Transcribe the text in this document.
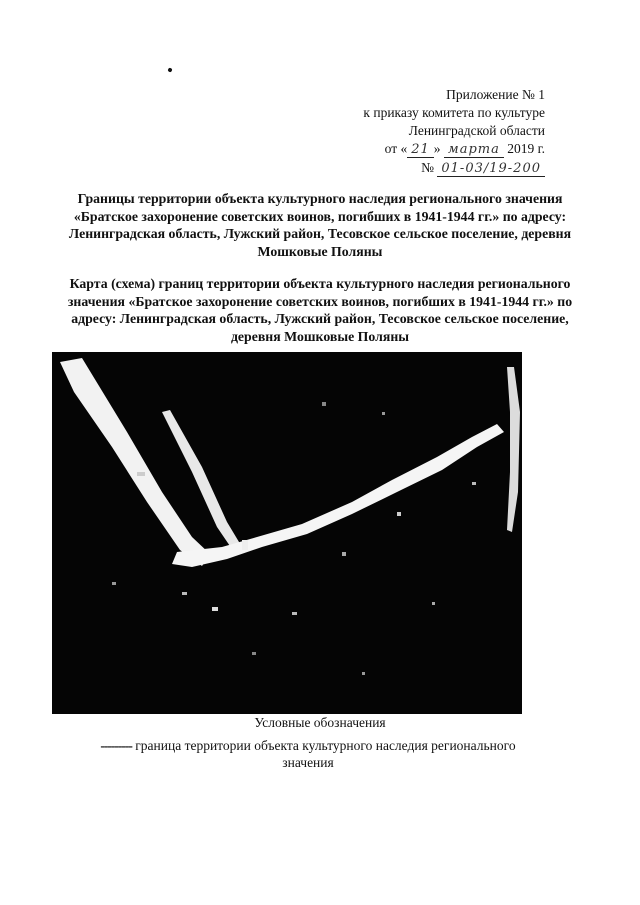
Приложение № 1
к приказу комитета по культуре
Ленинградской области
от « 21 » марта 2019 г.
№ 01-03/19-200
Границы территории объекта культурного наследия регионального значения «Братское захоронение советских воинов, погибших в 1941-1944 гг.» по адресу: Ленинградская область, Лужский район, Тесовское сельское поселение, деревня Мошковые Поляны
Карта (схема) границ территории объекта культурного наследия регионального значения «Братское захоронение советских воинов, погибших в 1941-1944 гг.» по адресу: Ленинградская область, Лужский район, Тесовское сельское поселение, деревня Мошковые Поляны
Условные обозначения
--------- граница территории объекта культурного наследия регионального значения
